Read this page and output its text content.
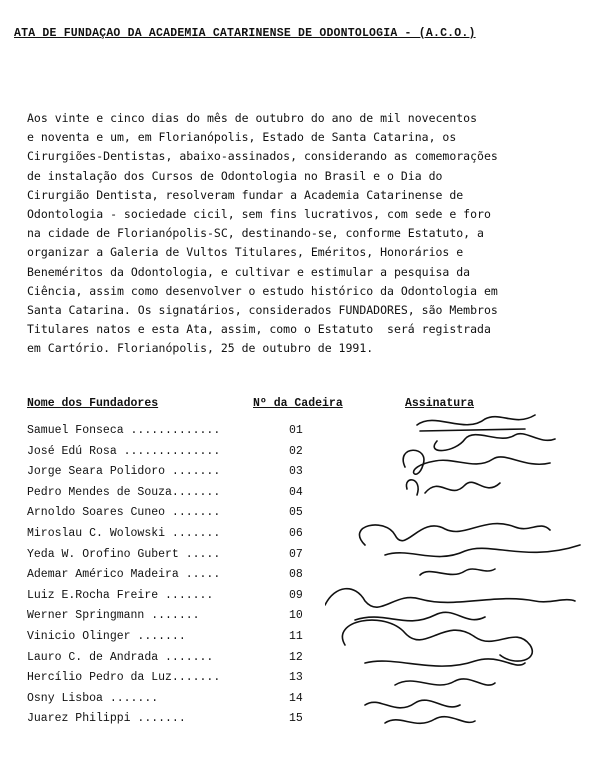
ATA DE FUNDAÇAO DA ACADEMIA CATARINENSE DE ODONTOLOGIA - (A.C.O.)
Aos vinte e cinco dias do mês de outubro do ano de mil novecentos
e noventa e um, em Florianópolis, Estado de Santa Catarina, os
Cirurgiões-Dentistas, abaixo-assinados, considerando as comemorações
de instalação dos Cursos de Odontologia no Brasil e o Dia do
Cirurgião Dentista, resolveram fundar a Academia Catarinense de
Odontologia - sociedade cicil, sem fins lucrativos, com sede e foro
na cidade de Florianópolis-SC, destinando-se, conforme Estatuto, a
organizar a Galeria de Vultos Titulares, Eméritos, Honorários e
Beneméritos da Odontologia, e cultivar e estimular a pesquisa da
Ciência, assim como desenvolver o estudo histórico da Odontologia em
Santa Catarina. Os signatários, considerados FUNDADORES, são Membros
Titulares natos e esta Ata, assim, como o Estatuto  será registrada
em Cartório. Florianópolis, 25 de outubro de 1991.
Nome dos Fundadores	Nº da Cadeira	Assinatura
Samuel Fonseca .............	01
José Edú Rosa ..............	02
Jorge Seara Polidoro .......	03
Pedro Mendes de Souza.......	04
Arnoldo Soares Cuneo .......	05
Miroslau C. Wolowski .......	06
Yeda W. Orofino Gubert .....	07
Ademar Américo Madeira .....	08
Luiz E.Rocha Freire .......	09
Werner Springmann .......	10
Vinicio Olinger .......	11
Lauro C. de Andrada .......	12
Hercílio Pedro da Luz.......	13
Osny Lisboa .......	14
Juarez Philippi .......	15
